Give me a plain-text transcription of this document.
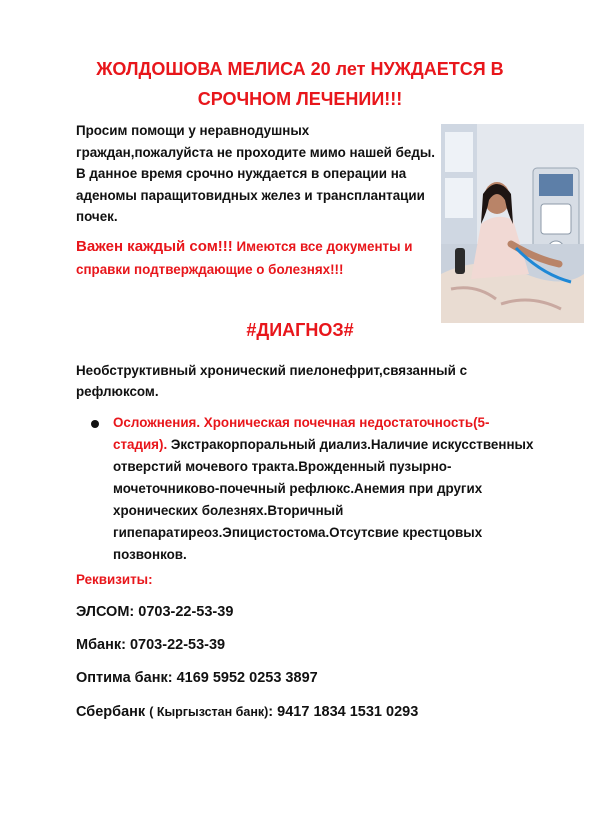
ЖОЛДОШОВА МЕЛИСА 20 лет НУЖДАЕТСЯ В
СРОЧНОМ ЛЕЧЕНИИ!!!
Просим помощи у неравнодушных граждан,пожалуйста не проходите мимо нашей беды. В данное время срочно нуждается в операции на аденомы паращитовидных желез и трансплантации почек.
Важен каждый сом!!! Имеются все документы и справки подтверждающие о болезнях!!!
#ДИАГНОЗ#
Необструктивный хронический пиелонефрит,связанный с рефлюксом.
Осложнения. Хроническая почечная недостаточность(5-стадия). Экстракорпоральный диализ.Наличие искусственных отверстий мочевого тракта.Врожденный пузырно-мочеточниково-почечный рефлюкс.Анемия при других хронических болезнях.Вторичный гипепаратиреоз.Эпицистостома.Отсутсвие крестцовых позвонков.
Реквизиты:
ЭЛСОМ: 0703-22-53-39
Мбанк: 0703-22-53-39
Оптима банк: 4169 5952 0253 3897
Сбербанк ( Кыргызстан банк): 9417 1834 1531 0293
